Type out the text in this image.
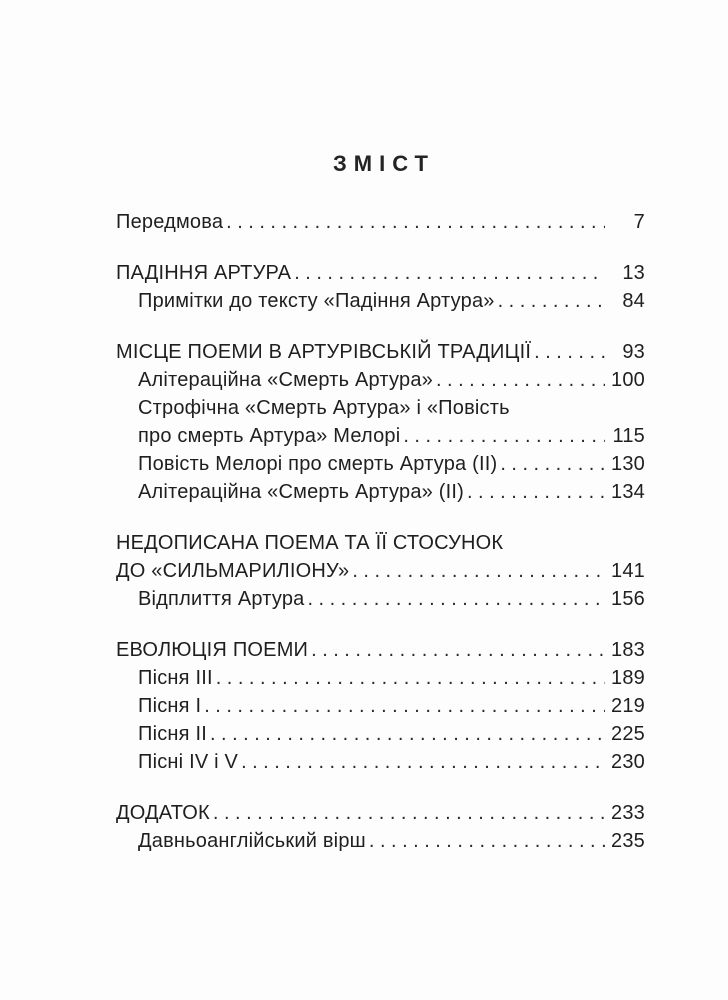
ЗМІСТ
Передмова .....	7
ПАДІННЯ АРТУРА .....	13
Примітки до тексту «Падіння Артура» .....	84
МІСЦЕ ПОЕМИ В АРТУРІВСЬКІЙ ТРАДИЦІЇ .....	93
Алітераційна «Смерть Артура» .....	100
Строфічна «Смерть Артура» і «Повість
про смерть Артура» Мелорі .....	115
Повість Мелорі про смерть Артура (II) .....	130
Алітераційна «Смерть Артура» (II) .....	134
НЕДОПИСАНА ПОЕМА ТА ЇЇ СТОСУНОК
ДО «СИЛЬМАРИЛІОНУ» .....	141
Відплиття Артура .....	156
ЕВОЛЮЦІЯ ПОЕМИ .....	183
Пісня III .....	189
Пісня I .....	219
Пісня II .....	225
Пісні IV і V .....	230
ДОДАТОК .....	233
Давньоанглійський вірш .....	235
